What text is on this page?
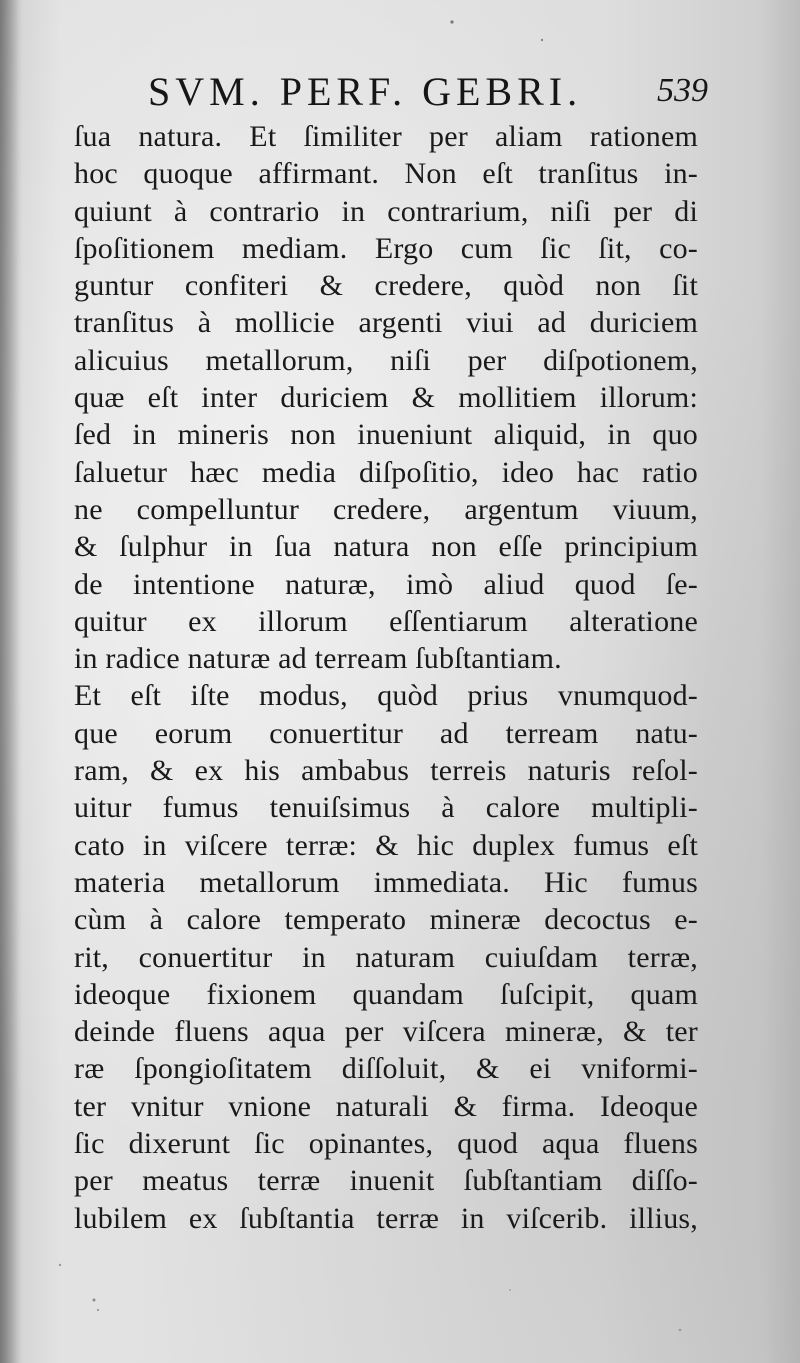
SVM. PERF. GEBRI. 539
ſua natura. Et ſimiliter per aliam rationem
hoc quoque affirmant. Non eſt tranſitus in-
quiunt à contrario in contrarium, niſi per di
ſpoſitionem mediam. Ergo cum ſic ſit, co-
guntur confiteri & credere, quòd non ſit
tranſitus à mollicie argenti viui ad duriciem
alicuius metallorum, niſi per diſpotionem,
quæ eſt inter duriciem & mollitiem illorum:
ſed in mineris non inueniunt aliquid, in quo
ſaluetur hæc media diſpoſitio, ideo hac ratio
ne compelluntur credere, argentum viuum,
& ſulphur in ſua natura non eſſe principium
de intentione naturæ, imò aliud quod ſe-
quitur ex illorum eſſentiarum alteratione
in radice naturæ ad terream ſubſtantiam.
Et eſt iſte modus, quòd prius vnumquod-
que eorum conuertitur ad terream natu-
ram, & ex his ambabus terreis naturis reſol-
uitur fumus tenuiſsimus à calore multipli-
cato in viſcere terræ: & hic duplex fumus eſt
materia metallorum immediata. Hic fumus
cùm à calore temperato mineræ decoctus e-
rit, conuertitur in naturam cuiuſdam terræ,
ideoque fixionem quandam ſuſcipit, quam
deinde fluens aqua per viſcera mineræ, & ter
ræ ſpongioſitatem diſſoluit, & ei vniformi-
ter vnitur vnione naturali & firma. Ideoque
ſic dixerunt ſic opinantes, quod aqua fluens
per meatus terræ inuenit ſubſtantiam diſſo-
lubilem ex ſubſtantia terræ in viſcerib. illius,
